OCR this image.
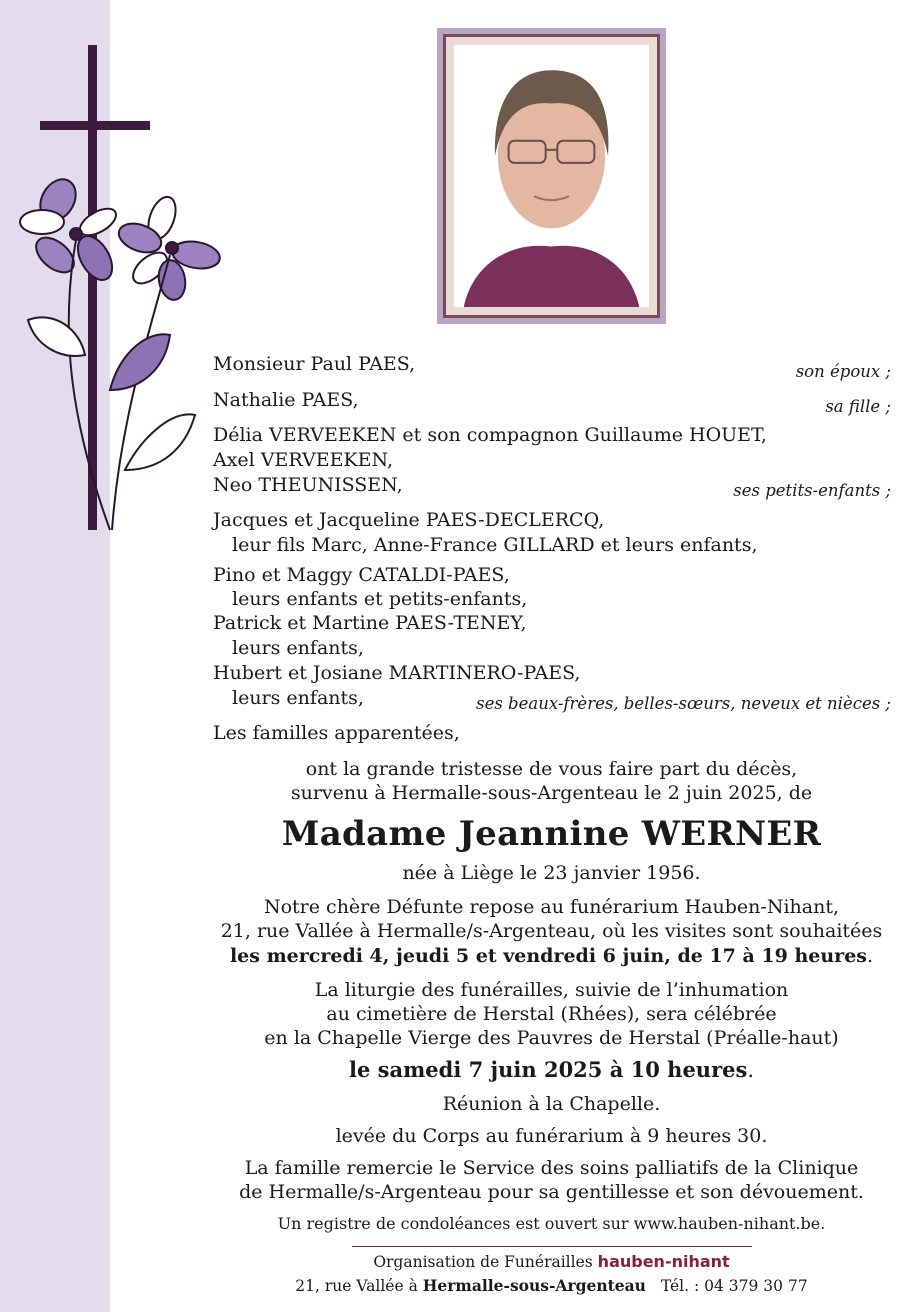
Monsieur Paul PAES,	son époux ;
Nathalie PAES,	sa fille ;
Délia VERVEEKEN et son compagnon Guillaume HOUET,
Axel VERVEEKEN,
Neo THEUNISSEN,	ses petits-enfants ;
Jacques et Jacqueline PAES-DECLERCQ,
leur fils Marc, Anne-France GILLARD et leurs enfants,
Pino et Maggy CATALDI-PAES,
leurs enfants et petits-enfants,
Patrick et Martine PAES-TENEY,
leurs enfants,
Hubert et Josiane MARTINERO-PAES,
leurs enfants,	ses beaux-frères, belles-sœurs, neveux et nièces ;
Les familles apparentées,
ont la grande tristesse de vous faire part du décès,
survenu à Hermalle-sous-Argenteau le 2 juin 2025, de
Madame Jeannine WERNER
née à Liège le 23 janvier 1956.
Notre chère Défunte repose au funérarium Hauben-Nihant,
21, rue Vallée à Hermalle/s-Argenteau, où les visites sont souhaitées
les mercredi 4, jeudi 5 et vendredi 6 juin, de 17 à 19 heures.
La liturgie des funérailles, suivie de l’inhumation
au cimetière de Herstal (Rhées), sera célébrée
en la Chapelle Vierge des Pauvres de Herstal (Préalle-haut)
le samedi 7 juin 2025 à 10 heures.
Réunion à la Chapelle.
levée du Corps au funérarium à 9 heures 30.
La famille remercie le Service des soins palliatifs de la Clinique
de Hermalle/s-Argenteau pour sa gentillesse et son dévouement.
Un registre de condoléances est ouvert sur www.hauben-nihant.be.
Organisation de Funérailles hauben-nihant
21, rue Vallée à Hermalle-sous-Argenteau Tél. : 04 379 30 77
